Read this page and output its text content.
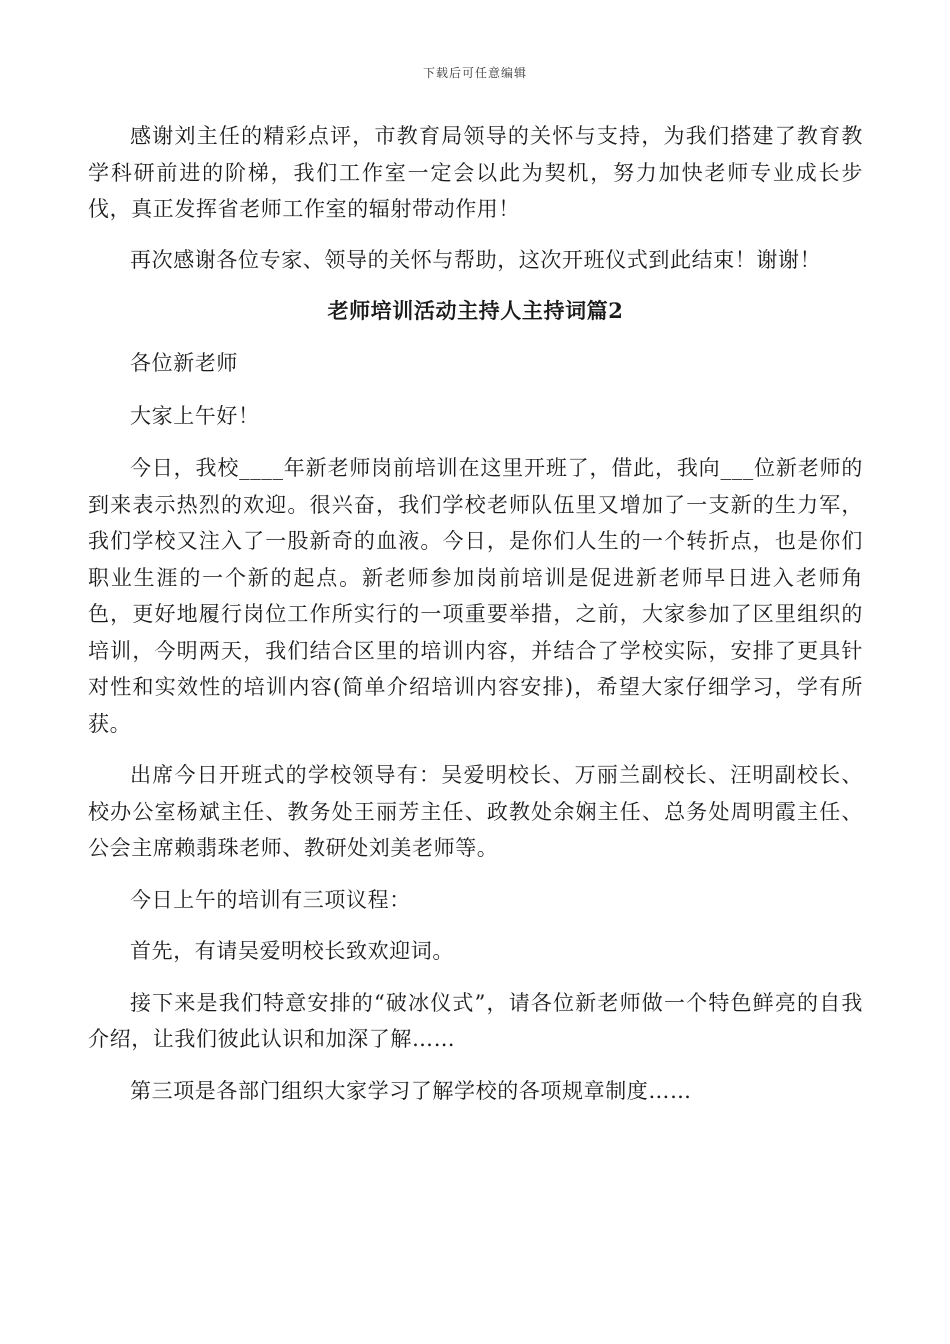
下载后可任意编辑

感谢刘主任的精彩点评，市教育局领导的关怀与支持，为我们搭建了教育教学科研前进的阶梯，我们工作室一定会以此为契机，努力加快老师专业成长步伐，真正发挥省老师工作室的辐射带动作用！

再次感谢各位专家、领导的关怀与帮助，这次开班仪式到此结束！谢谢！

老师培训活动主持人主持词篇2

各位新老师

大家上午好！

今日，我校____年新老师岗前培训在这里开班了，借此，我向___位新老师的到来表示热烈的欢迎。很兴奋，我们学校老师队伍里又增加了一支新的生力军，我们学校又注入了一股新奇的血液。今日，是你们人生的一个转折点，也是你们职业生涯的一个新的起点。新老师参加岗前培训是促进新老师早日进入老师角色，更好地履行岗位工作所实行的一项重要举措，之前，大家参加了区里组织的培训，今明两天，我们结合区里的培训内容，并结合了学校实际，安排了更具针对性和实效性的培训内容(简单介绍培训内容安排)，希望大家仔细学习，学有所获。

出席今日开班式的学校领导有：吴爱明校长、万丽兰副校长、汪明副校长、校办公室杨斌主任、教务处王丽芳主任、政教处余娴主任、总务处周明霞主任、公会主席赖翡珠老师、教研处刘美老师等。

今日上午的培训有三项议程：

首先，有请吴爱明校长致欢迎词。

接下来是我们特意安排的“破冰仪式”，请各位新老师做一个特色鲜亮的自我介绍，让我们彼此认识和加深了解……

第三项是各部门组织大家学习了解学校的各项规章制度……
